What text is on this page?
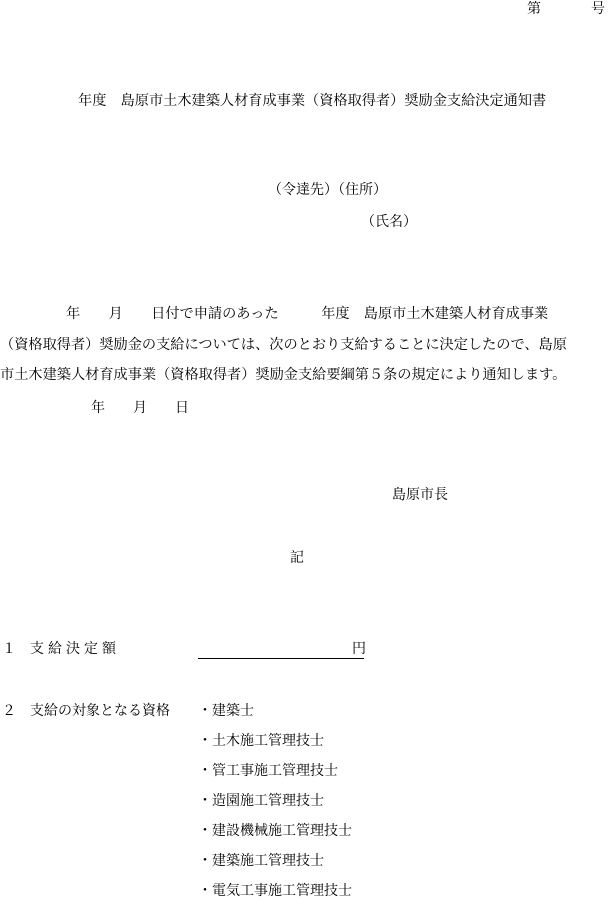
第　　　号
年度　島原市土木建築人材育成事業（資格取得者）奨励金支給決定通知書
（令達先）（住所）
（氏名）
年　　月　　日付で申請のあった　　　年度　島原市土木建築人材育成事業
（資格取得者）奨励金の支給については、次のとおり支給することに決定したので、島原
市土木建築人材育成事業（資格取得者）奨励金支給要綱第５条の規定により通知します。
年　　月　　日
島原市長
記
１ 支給決定額	円
２ 支給の対象となる資格 ・建築士
・土木施工管理技士
・管工事施工管理技士
・造園施工管理技士
・建設機械施工管理技士
・建築施工管理技士
・電気工事施工管理技士
